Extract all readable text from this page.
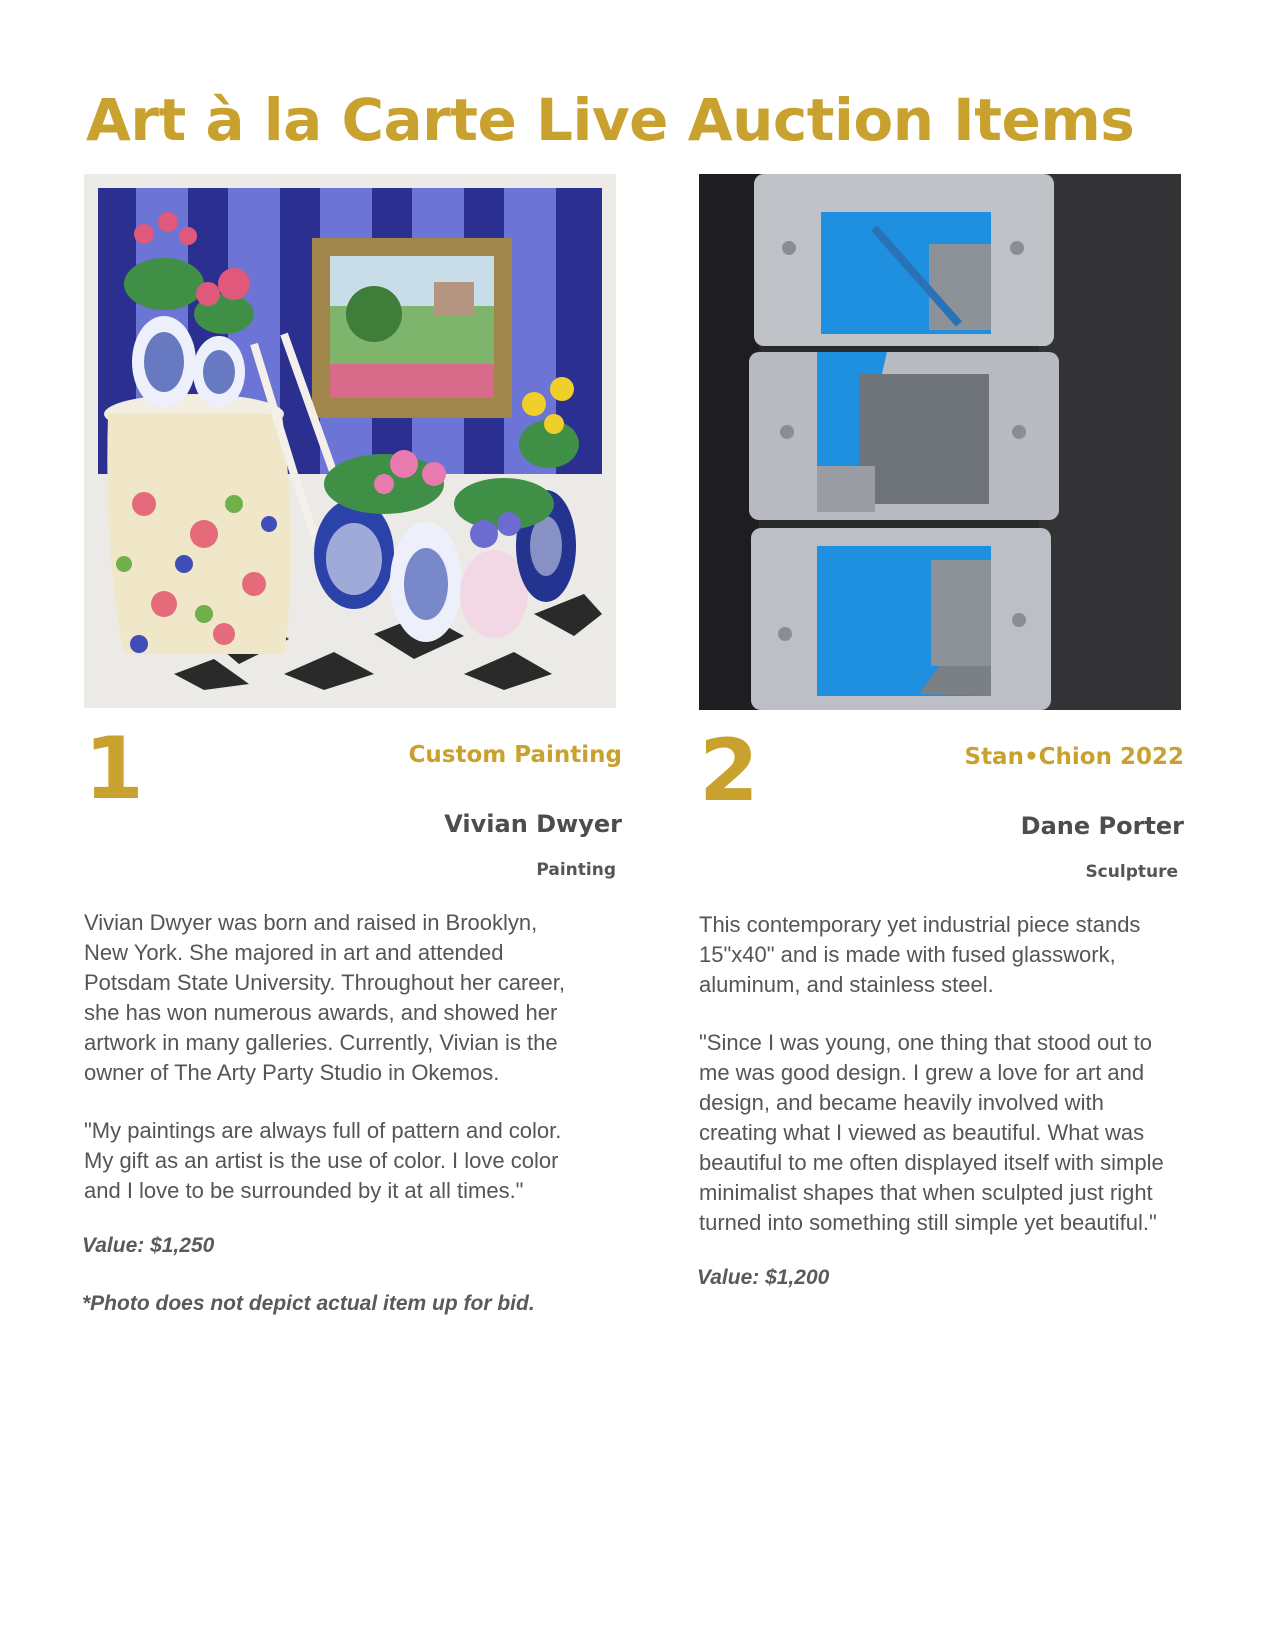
Art à la Carte Live Auction Items
1	Custom Painting
Vivian Dwyer
Painting

Vivian Dwyer was born and raised in Brooklyn,
New York. She majored in art and attended
Potsdam State University. Throughout her career,
she has won numerous awards, and showed her
artwork in many galleries. Currently, Vivian is the
owner of The Arty Party Studio in Okemos.

"My paintings are always full of pattern and color.
My gift as an artist is the use of color. I love color
and I love to be surrounded by it at all times."

Value: $1,250

*Photo does not depict actual item up for bid.

2	Stan•Chion 2022
Dane Porter
Sculpture

This contemporary yet industrial piece stands
15"x40" and is made with fused glasswork,
aluminum, and stainless steel.

"Since I was young, one thing that stood out to
me was good design. I grew a love for art and
design, and became heavily involved with
creating what I viewed as beautiful. What was
beautiful to me often displayed itself with simple
minimalist shapes that when sculpted just right
turned into something still simple yet beautiful."

Value: $1,200
